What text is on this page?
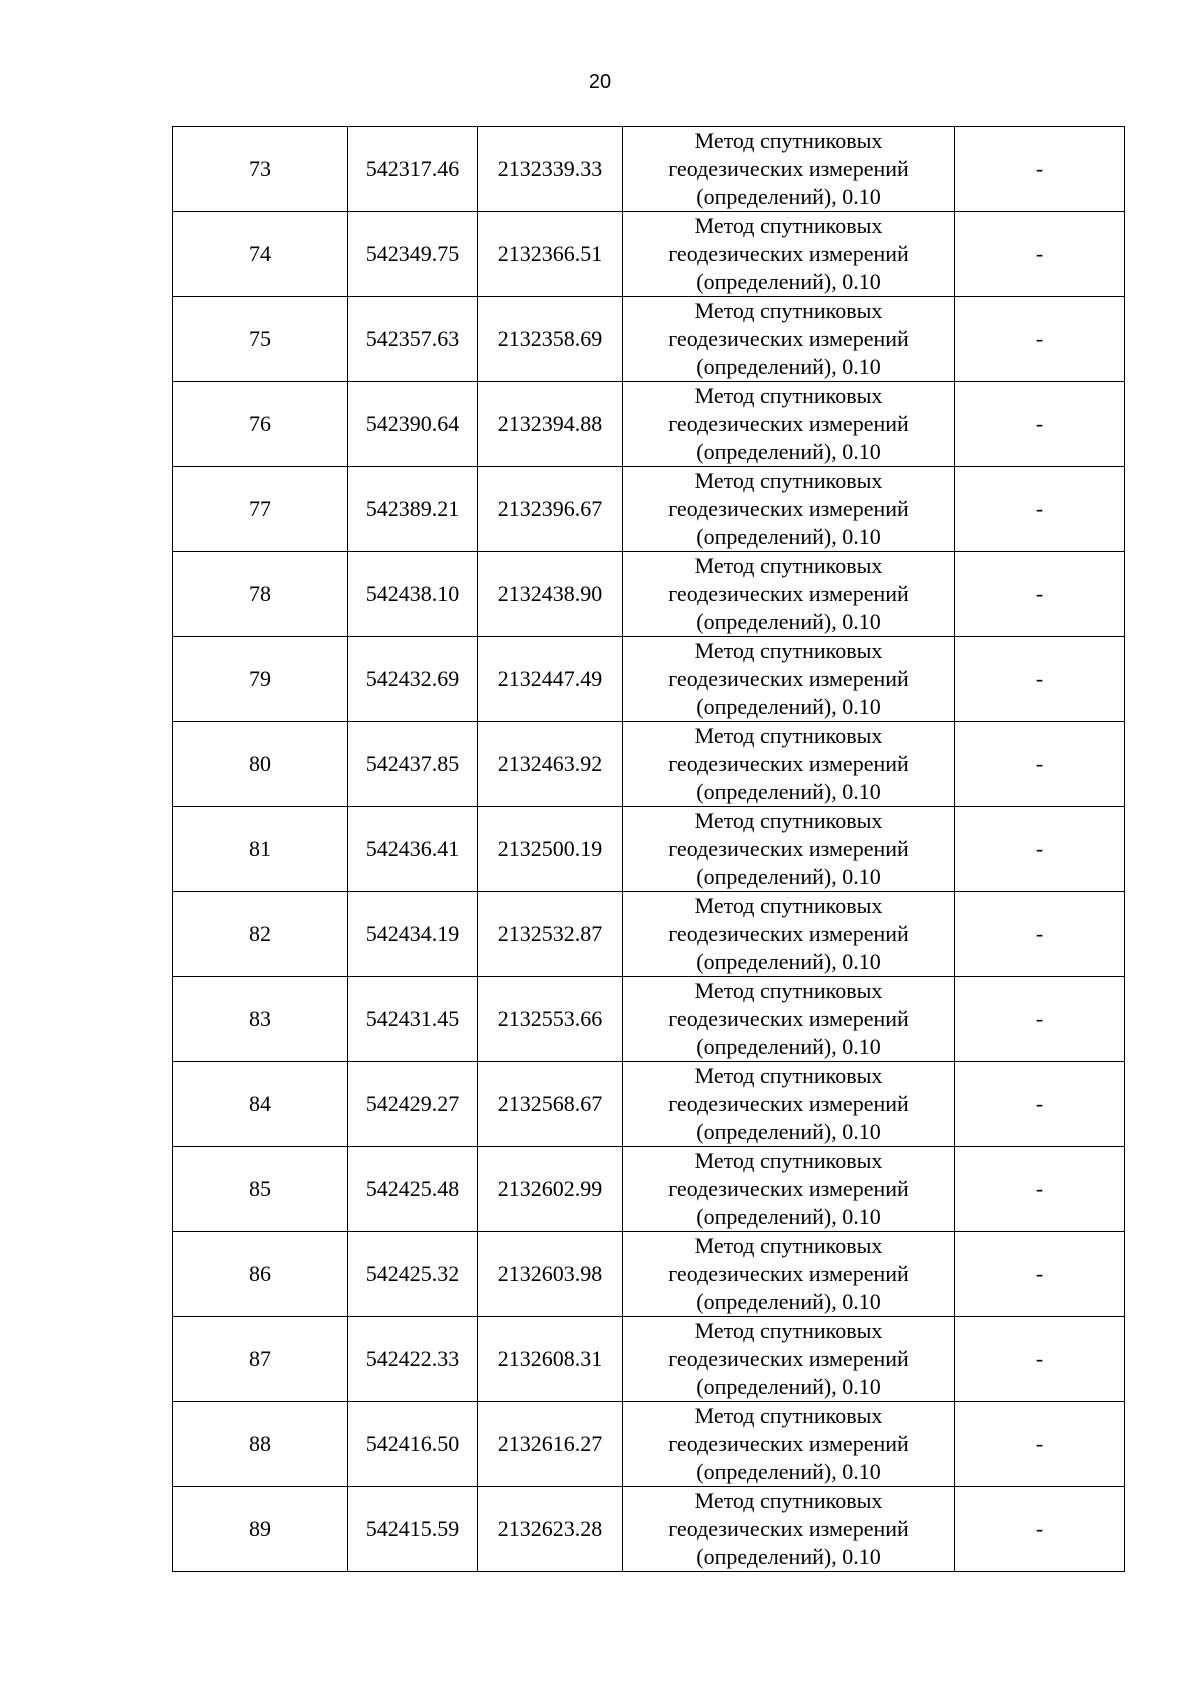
20
73	542317.46	2132339.33	Метод спутниковых
геодезических измерений
(определений), 0.10	-
74	542349.75	2132366.51	Метод спутниковых
геодезических измерений
(определений), 0.10	-
75	542357.63	2132358.69	Метод спутниковых
геодезических измерений
(определений), 0.10	-
76	542390.64	2132394.88	Метод спутниковых
геодезических измерений
(определений), 0.10	-
77	542389.21	2132396.67	Метод спутниковых
геодезических измерений
(определений), 0.10	-
78	542438.10	2132438.90	Метод спутниковых
геодезических измерений
(определений), 0.10	-
79	542432.69	2132447.49	Метод спутниковых
геодезических измерений
(определений), 0.10	-
80	542437.85	2132463.92	Метод спутниковых
геодезических измерений
(определений), 0.10	-
81	542436.41	2132500.19	Метод спутниковых
геодезических измерений
(определений), 0.10	-
82	542434.19	2132532.87	Метод спутниковых
геодезических измерений
(определений), 0.10	-
83	542431.45	2132553.66	Метод спутниковых
геодезических измерений
(определений), 0.10	-
84	542429.27	2132568.67	Метод спутниковых
геодезических измерений
(определений), 0.10	-
85	542425.48	2132602.99	Метод спутниковых
геодезических измерений
(определений), 0.10	-
86	542425.32	2132603.98	Метод спутниковых
геодезических измерений
(определений), 0.10	-
87	542422.33	2132608.31	Метод спутниковых
геодезических измерений
(определений), 0.10	-
88	542416.50	2132616.27	Метод спутниковых
геодезических измерений
(определений), 0.10	-
89	542415.59	2132623.28	Метод спутниковых
геодезических измерений
(определений), 0.10	-
